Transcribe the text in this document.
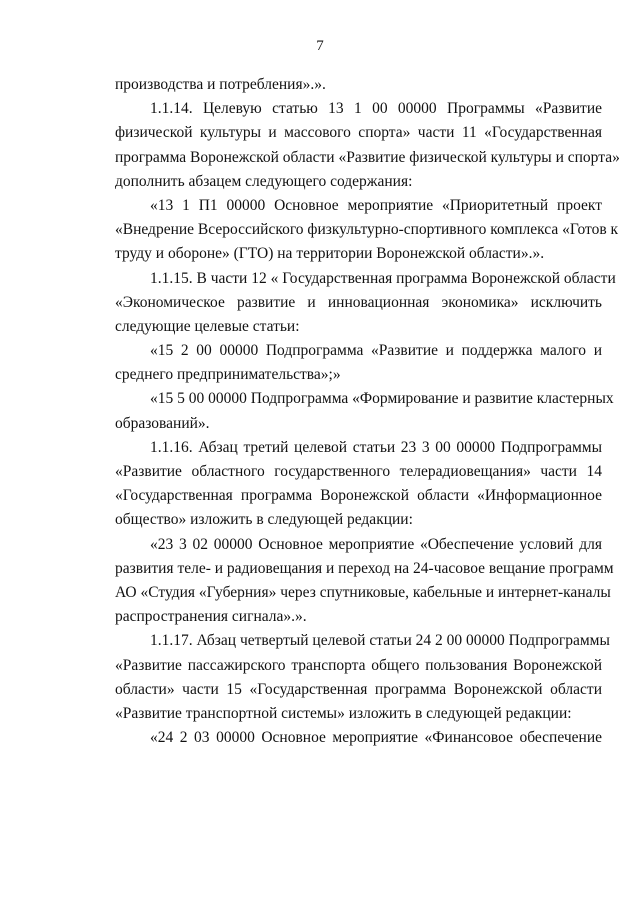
7
производства и потребления».».
1.1.14. Целевую статью 13 1 00 00000 Программы «Развитие
физической культуры и массового спорта» части 11 «Государственная
программа Воронежской области «Развитие физической культуры и спорта»
дополнить абзацем следующего содержания:
«13 1 П1 00000 Основное мероприятие «Приоритетный проект
«Внедрение Всероссийского физкультурно-спортивного комплекса «Готов к
труду и обороне» (ГТО) на территории Воронежской области».».
1.1.15. В части 12 « Государственная программа Воронежской области
«Экономическое развитие и инновационная экономика» исключить
следующие целевые статьи:
«15 2 00 00000 Подпрограмма «Развитие и поддержка малого и
среднего предпринимательства»;»
«15 5 00 00000 Подпрограмма «Формирование и развитие кластерных
образований».
1.1.16. Абзац третий целевой статьи 23 3 00 00000 Подпрограммы
«Развитие областного государственного телерадиовещания» части 14
«Государственная программа Воронежской области «Информационное
общество» изложить в следующей редакции:
«23 3 02 00000 Основное мероприятие «Обеспечение условий для
развития теле- и радиовещания и переход на 24-часовое вещание программ
АО «Студия «Губерния» через спутниковые, кабельные и интернет-каналы
распространения сигнала».».
1.1.17. Абзац четвертый целевой статьи 24 2 00 00000 Подпрограммы
«Развитие пассажирского транспорта общего пользования Воронежской
области» части 15 «Государственная программа Воронежской области
«Развитие транспортной системы» изложить в следующей редакции:
«24 2 03 00000 Основное мероприятие «Финансовое обеспечение
